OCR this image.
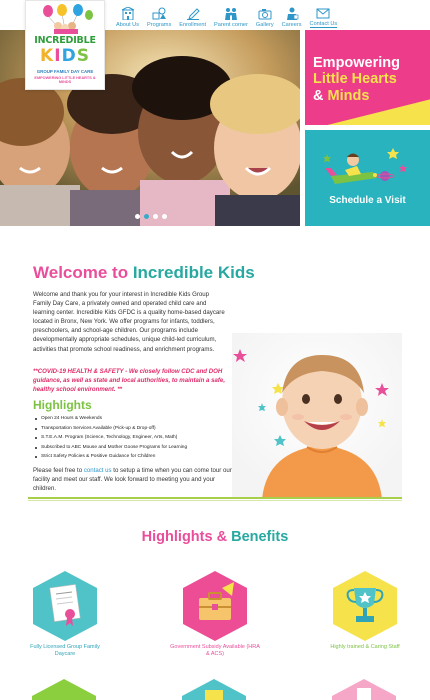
INCREDIBLE
KIDS
GROUP FAMILY DAY CARE
EMPOWERING LITTLE HEARTS & MINDS
About Us Programs Enrollment Parent corner Gallery Careers Contact Us
Empowering
Little Hearts
& Minds
Schedule a Visit
Welcome to Incredible Kids

Welcome and thank you for your interest in Incredible Kids Group Family Day Care, a privately owned and operated child care and learning center. Incredible Kids GFDC is a quality home-based daycare located in Bronx, New York. We offer programs for infants, toddlers, preschoolers, and school-age children. Our programs include developmentally appropriate schedules, unique child-led curriculum, activities that promote school readiness, and enrichment programs.

**COVID-19 HEALTH & SAFETY - We closely follow CDC and DOH guidance, as well as state and local authorities, to maintain a safe, healthy school environment. **

Highlights
Open 24 Hours & Weekends
Transportation Services Available (Pick-up & Drop-off)
S.T.E.A.M. Program (Science, Technology, Engineer, Arts, Math)
Subscribed to ABC Mouse and Mother Goose Programs for Learning
Strict Safety Policies & Positive Guidance for Children

Please feel free to contact us to setup a time when you can come tour our facility and meet our staff. We look forward to meeting you and your children.

Highlights & Benefits
Fully Licensed Group Family Daycare
Government Subsidy Available (HRA & ACS)
Highly trained & Caring Staff
